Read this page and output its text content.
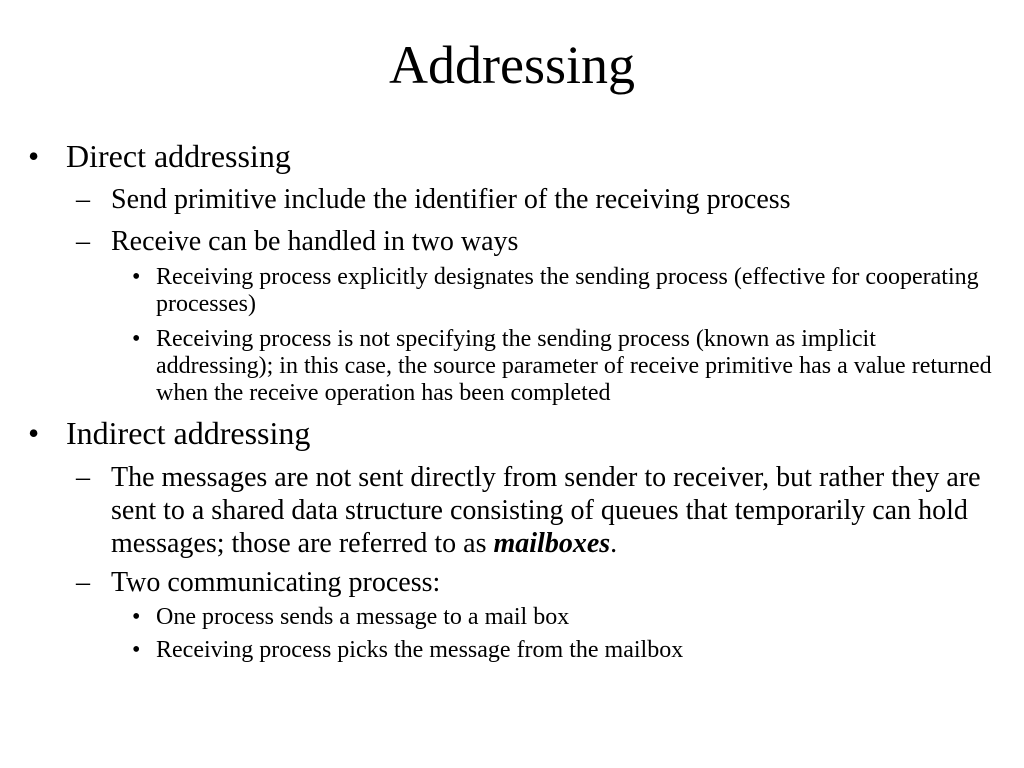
Addressing
• Direct addressing
– Send primitive include the identifier of the receiving process
– Receive can be handled in two ways
• Receiving process explicitly designates the sending process (effective for cooperating processes)
• Receiving process is not specifying the sending process (known as implicit addressing); in this case, the source parameter of receive primitive has a value returned when the receive operation has been completed
• Indirect addressing
– The messages are not sent directly from sender to receiver, but rather they are sent to a shared data structure consisting of queues that temporarily can hold messages; those are referred to as mailboxes.
– Two communicating process:
• One process sends a message to a mail box
• Receiving process picks the message from the mailbox
